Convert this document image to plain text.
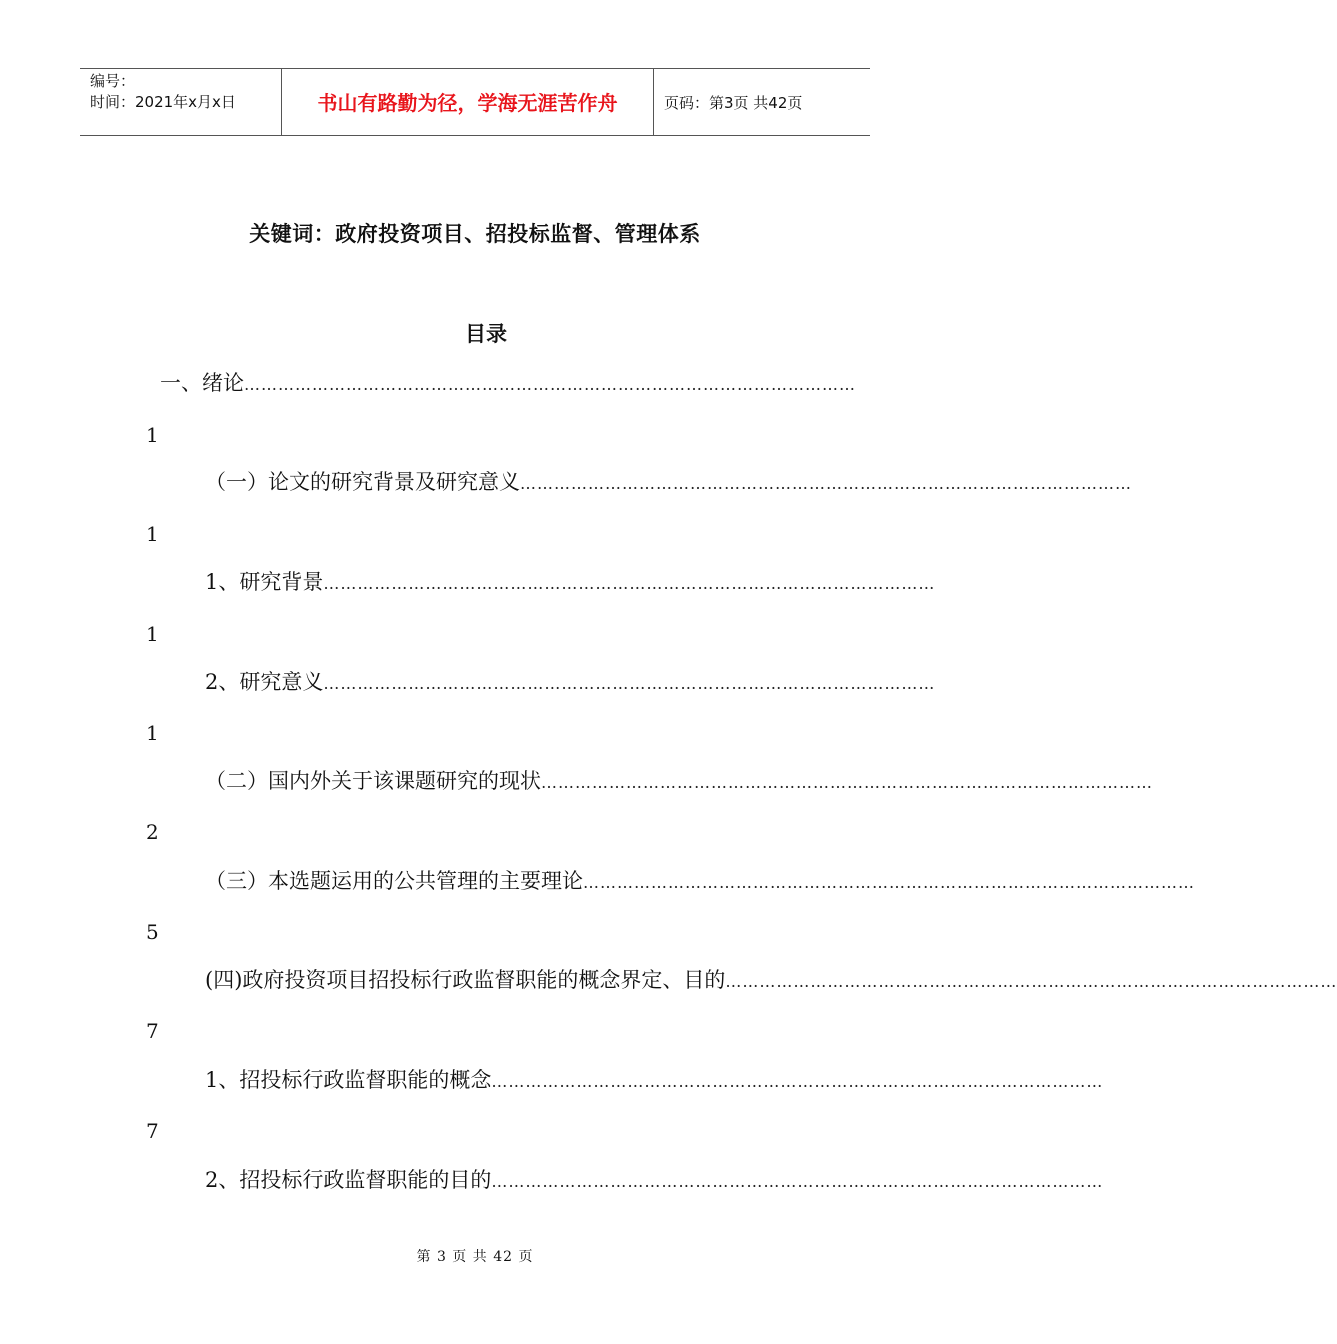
编号：
时间：2021年x月x日	书山有路勤为径，学海无涯苦作舟	页码：第3页 共42页
关键词：政府投资项目、招投标监督、管理体系
目录
一、绪论 ………………………………………………………………………………………………
1
（一）论文的研究背景及研究意义 ………………………………………………………………………………………………
1
1、研究背景 ………………………………………………………………………………………………
1
2、研究意义 ………………………………………………………………………………………………
1
（二）国内外关于该课题研究的现状 ………………………………………………………………………………………………
2
（三）本选题运用的公共管理的主要理论 ………………………………………………………………………………………………
5
(四)政府投资项目招投标行政监督职能的概念界定、目的 ………………………………………………………………………………………………
7
1、招投标行政监督职能的概念 ………………………………………………………………………………………………
7
2、招投标行政监督职能的目的 ………………………………………………………………………………………………
第 3 页 共 42 页
